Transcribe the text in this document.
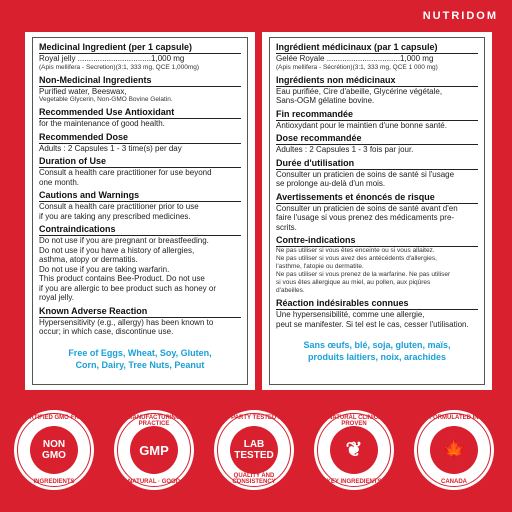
NUTRIDOM
Medicinal Ingredient (per 1 capsule)
Royal jelly .................................1,000 mg
(Apis mellifera - Secretion)(3:1, 333 mg, QCE 1,000mg)
Non-Medicinal Ingredients
Purified water, Beeswax,
Vegetable Glycerin, Non-GMO Bovine Gelatin.
Recommended Use Antioxidant
for the maintenance of good health.
Recommended Dose
Adults : 2 Capsules 1 - 3 time(s) per day
Duration of Use
Consult a health care practitioner for use beyond
one month.
Cautions and Warnings
Consult a health care practitioner prior to use
if you are taking any prescribed medicines.
Contraindications
Do not use if you are pregnant or breastfeeding.
Do not use if you have a history of allergies,
asthma, atopy or dermatitis.
Do not use if you are taking warfarin.
This product contains Bee-Product. Do not use
if you are allergic to bee product such as honey or
royal jelly.
Known Adverse Reaction
Hypersensitivity (e.g., allergy) has been known to
occur; in which case, discontinue use.
Free of Eggs, Wheat, Soy, Gluten,
Corn, Dairy, Tree Nuts, Peanut
Ingrédient médicinaux (par 1 capsule)
Gelée Royale .................................1,000 mg
(Apis mellifera - Sécrétion)(3:1, 333 mg, QCE 1 000 mg)
Ingrédients non médicinaux
Eau purifiée, Cire d'abeille, Glycérine végétale,
Sans-OGM gélatine bovine.
Fin recommandée
Antioxydant pour le maintien d'une bonne santé.
Dose recommandée
Adultes : 2 Capsules 1 - 3 fois par jour.
Durée d'utilisation
Consulter un praticien de soins de santé si l'usage
se prolonge au-delà d'un mois.
Avertissements et énoncés de risque
Consulter un praticien de soins de santé avant d'en
faire l'usage si vous prenez des médicaments pre-
scrits.
Contre-indications
Ne pas utiliser si vous êtes enceinte ou si vous allaitez.
Ne pas utiliser si vous avez des antécédents d'allergies,
l'asthme, l'atopie ou dermatite.
Ne pas utiliser si vous prenez de la warfarine. Ne pas utiliser
si vous êtes allergique au miel, au pollen, aux piqûres
d'abeilles.
Réaction indésirables connues
Une hypersensibilité, comme une allergie,
peut se manifester. Si tel est le cas, cesser l'utilisation.
Sans œufs, blé, soja, gluten, maïs,
produits laitiers, noix, arachides
CERTIFIED GMO-FREE
NON
GMO
INGREDIENTS
MANUFACTURING PRACTICE
GMP
NATURAL · GOOD
3RD PARTY TESTED FOR
LAB
TESTED
QUALITY AND CONSISTENCY
ALL NATURAL CLINICALLY PROVEN
❦
KEY INGREDIENTS
FORMULATED IN
🍁
CANADA
